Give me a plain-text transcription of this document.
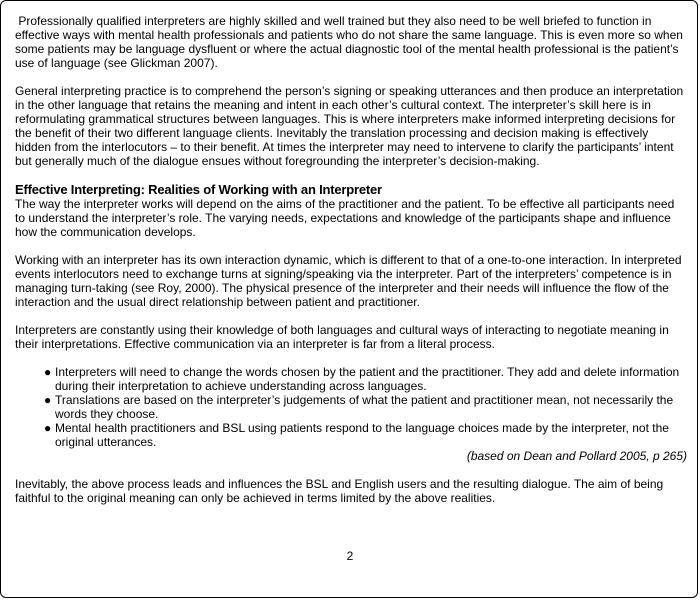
Professionally qualified interpreters are highly skilled and well trained but they also need to be well briefed to function in effective ways with mental health professionals and patients who do not share the same language. This is even more so when some patients may be language dysfluent or where the actual diagnostic tool of the mental health professional is the patient’s use of language (see Glickman 2007).

General interpreting practice is to comprehend the person’s signing or speaking utterances and then produce an interpretation in the other language that retains the meaning and intent in each other’s cultural context. The interpreter’s skill here is in reformulating grammatical structures between languages. This is where interpreters make informed interpreting decisions for the benefit of their two different language clients. Inevitably the translation processing and decision making is effectively hidden from the interlocutors – to their benefit. At times the interpreter may need to intervene to clarify the participants’ intent but generally much of the dialogue ensues without foregrounding the interpreter’s decision-making.

Effective Interpreting: Realities of Working with an Interpreter

The way the interpreter works will depend on the aims of the practitioner and the patient. To be effective all participants need to understand the interpreter’s role. The varying needs, expectations and knowledge of the participants shape and influence how the communication develops.

Working with an interpreter has its own interaction dynamic, which is different to that of a one-to-one interaction. In interpreted events interlocutors need to exchange turns at signing/speaking via the interpreter. Part of the interpreters’ competence is in managing turn-taking (see Roy, 2000). The physical presence of the interpreter and their needs will influence the flow of the interaction and the usual direct relationship between patient and practitioner.

Interpreters are constantly using their knowledge of both languages and cultural ways of interacting to negotiate meaning in their interpretations. Effective communication via an interpreter is far from a literal process.

● Interpreters will need to change the words chosen by the patient and the practitioner. They add and delete information during their interpretation to achieve understanding across languages.
● Translations are based on the interpreter’s judgements of what the patient and practitioner mean, not necessarily the words they choose.
● Mental health practitioners and BSL using patients respond to the language choices made by the interpreter, not the original utterances.
(based on Dean and Pollard 2005, p 265)

Inevitably, the above process leads and influences the BSL and English users and the resulting dialogue. The aim of being faithful to the original meaning can only be achieved in terms limited by the above realities.

2
